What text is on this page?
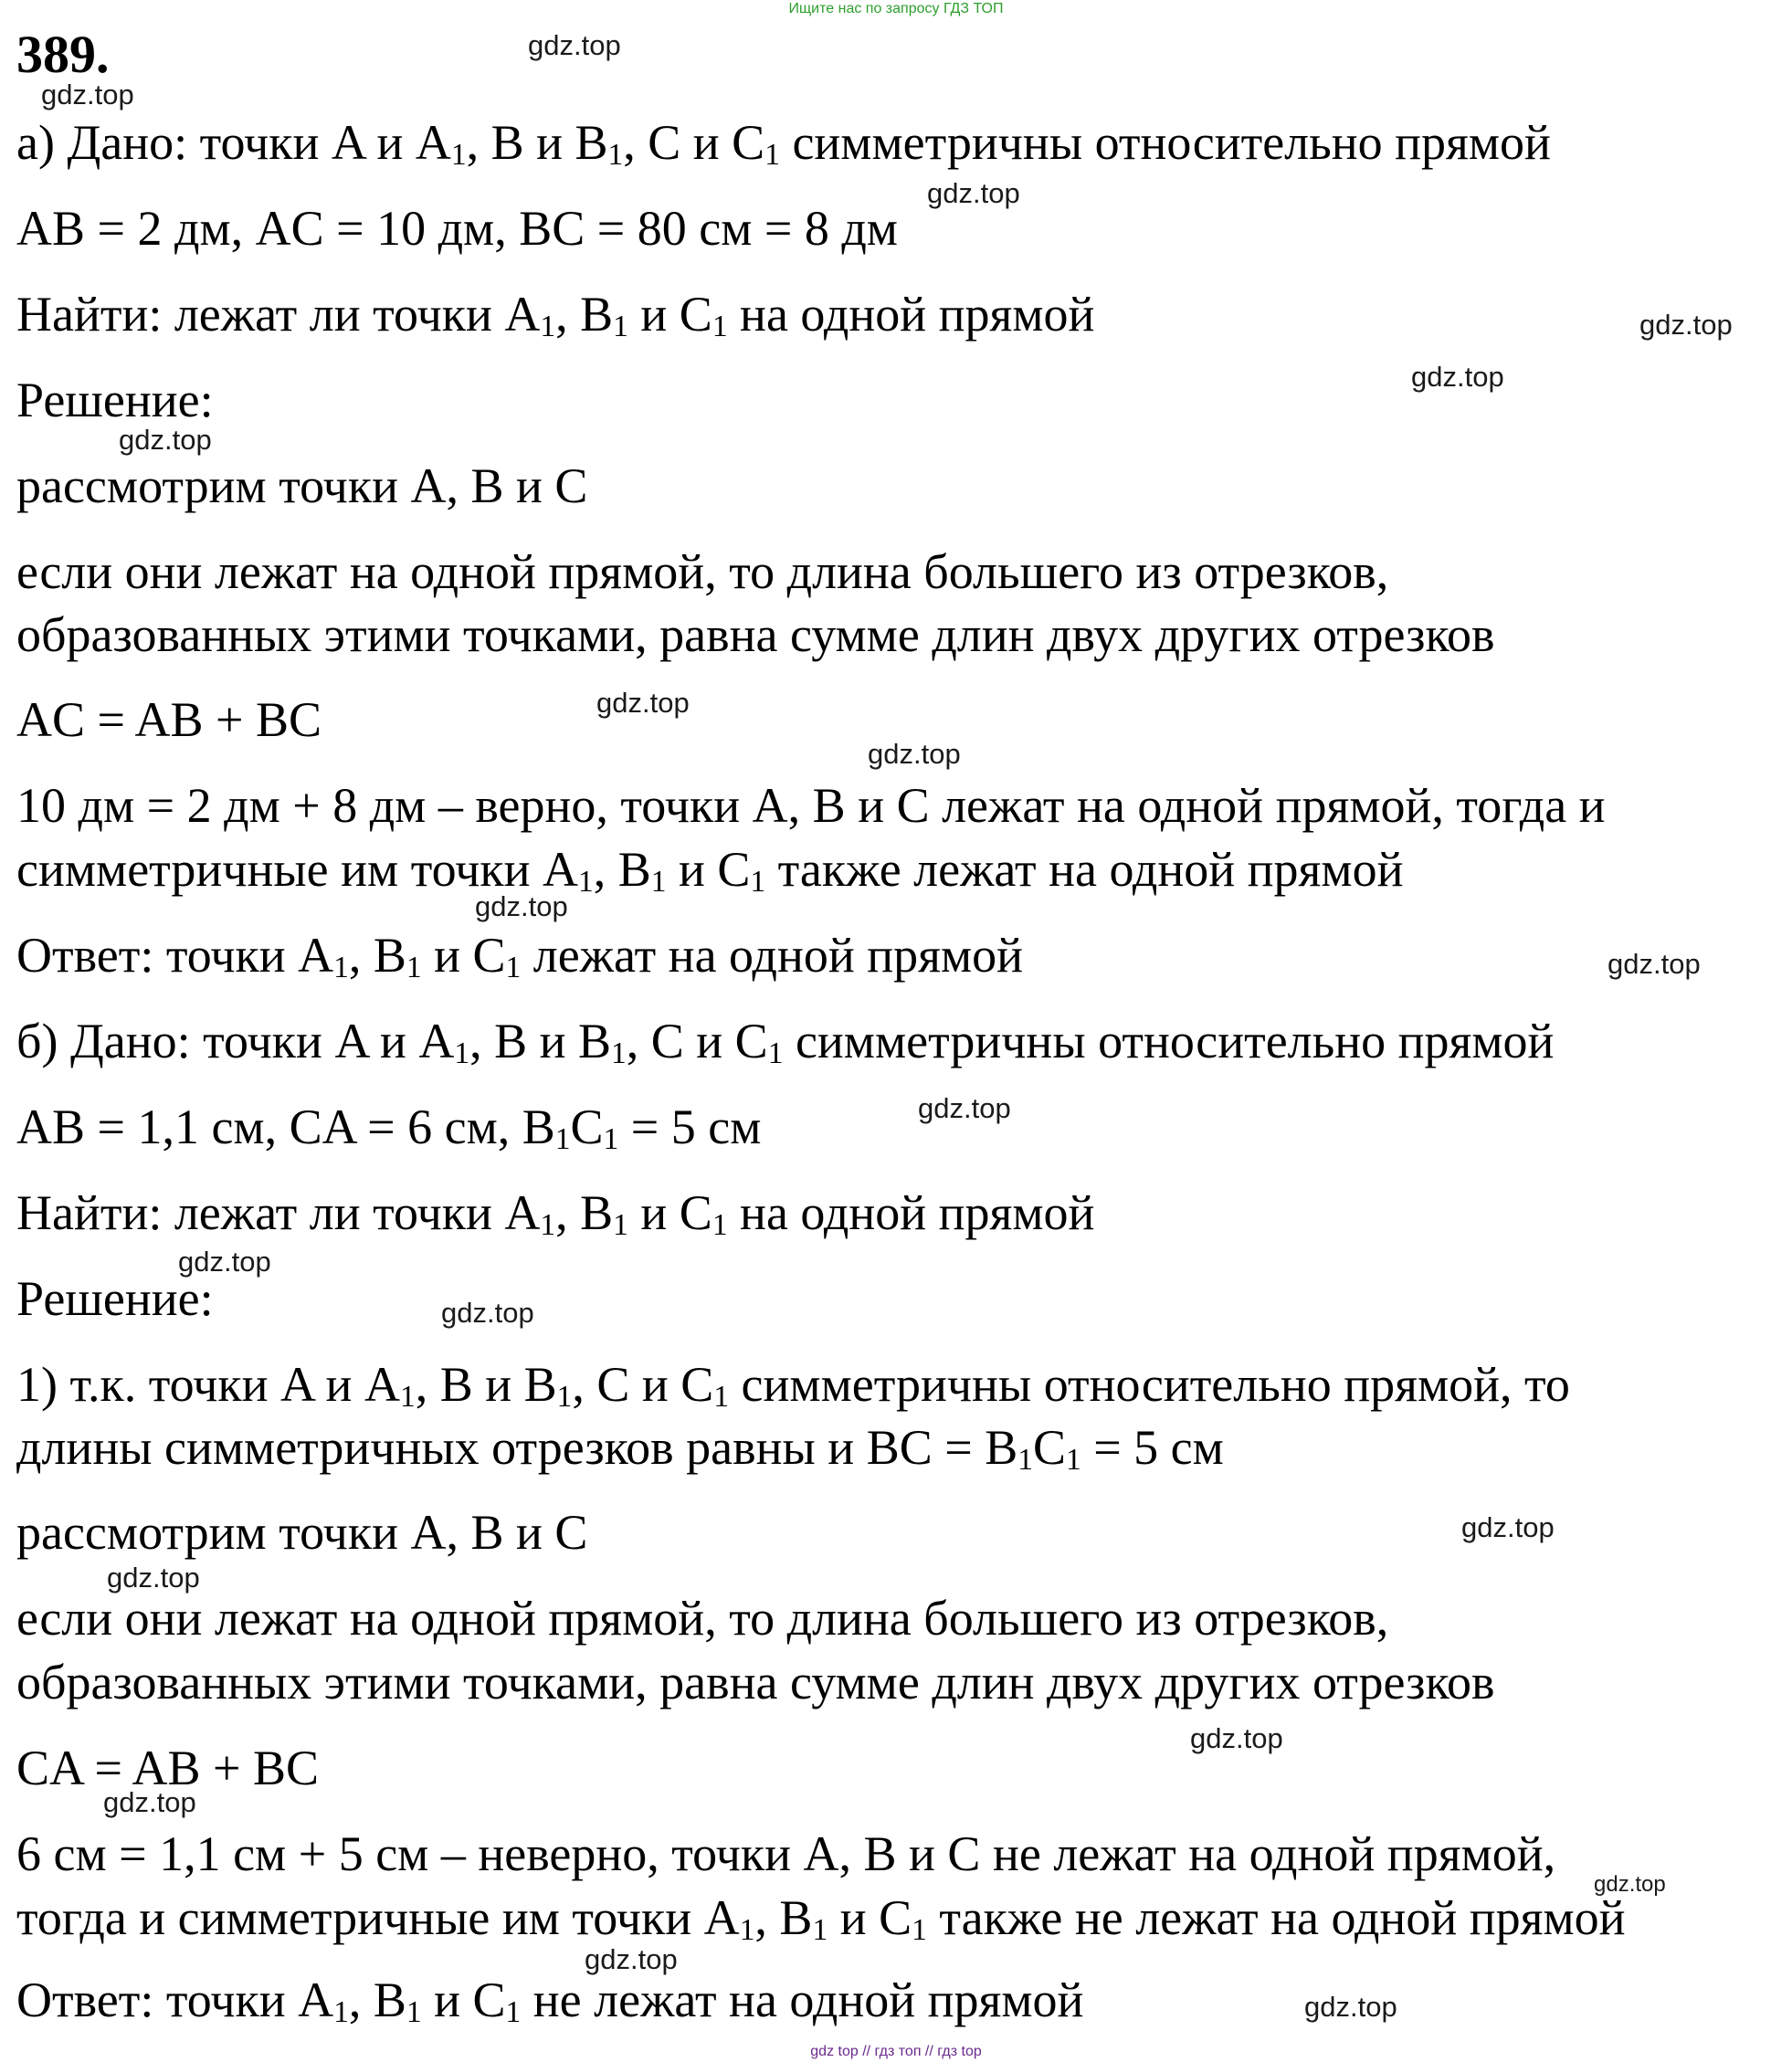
Ищите нас по запросу ГДЗ ТОП
389.
а) Дано: точки A и $A_1$, B и $B_1$, C и $C_1$ симметричны относительно прямой
AB = 2 дм, AC = 10 дм, BC = 80 см = 8 дм
Найти: лежат ли точки $A_1$, $B_1$ и $C_1$ на одной прямой
Решение:
рассмотрим точки A, B и C
если они лежат на одной прямой, то длина большего из отрезков,
образованных этими точками, равна сумме длин двух других отрезков
AC = AB + BC
10 дм = 2 дм + 8 дм – верно, точки A, B и C лежат на одной прямой, тогда и
симметричные им точки $A_1$, $B_1$ и $C_1$ также лежат на одной прямой
Ответ: точки $A_1$, $B_1$ и $C_1$ лежат на одной прямой
б) Дано: точки A и $A_1$, B и $B_1$, C и $C_1$ симметричны относительно прямой
AB = 1,1 см, CA = 6 см, $B_1C_1 = 5$ см
Найти: лежат ли точки $A_1$, $B_1$ и $C_1$ на одной прямой
Решение:
1) т.к. точки A и $A_1$, B и $B_1$, C и $C_1$ симметричны относительно прямой, то
длины симметричных отрезков равны и BC = $B_1C_1 = 5$ см
рассмотрим точки A, B и C
если они лежат на одной прямой, то длина большего из отрезков,
образованных этими точками, равна сумме длин двух других отрезков
CA = AB + BC
6 см = 1,1 см + 5 см – неверно, точки A, B и C не лежат на одной прямой,
тогда и симметричные им точки $A_1$, $B_1$ и $C_1$ также не лежат на одной прямой
Ответ: точки $A_1$, $B_1$ и $C_1$ не лежат на одной прямой
gdz.top
gdz.top
gdz.top
gdz.top
gdz.top
gdz.top
gdz.top
gdz.top
gdz.top
gdz.top
gdz.top
gdz.top
gdz.top
gdz.top
gdz.top
gdz.top
gdz.top
gdz.top
gdz.top
gdz.top
gdz top // гдз топ // гдз top
